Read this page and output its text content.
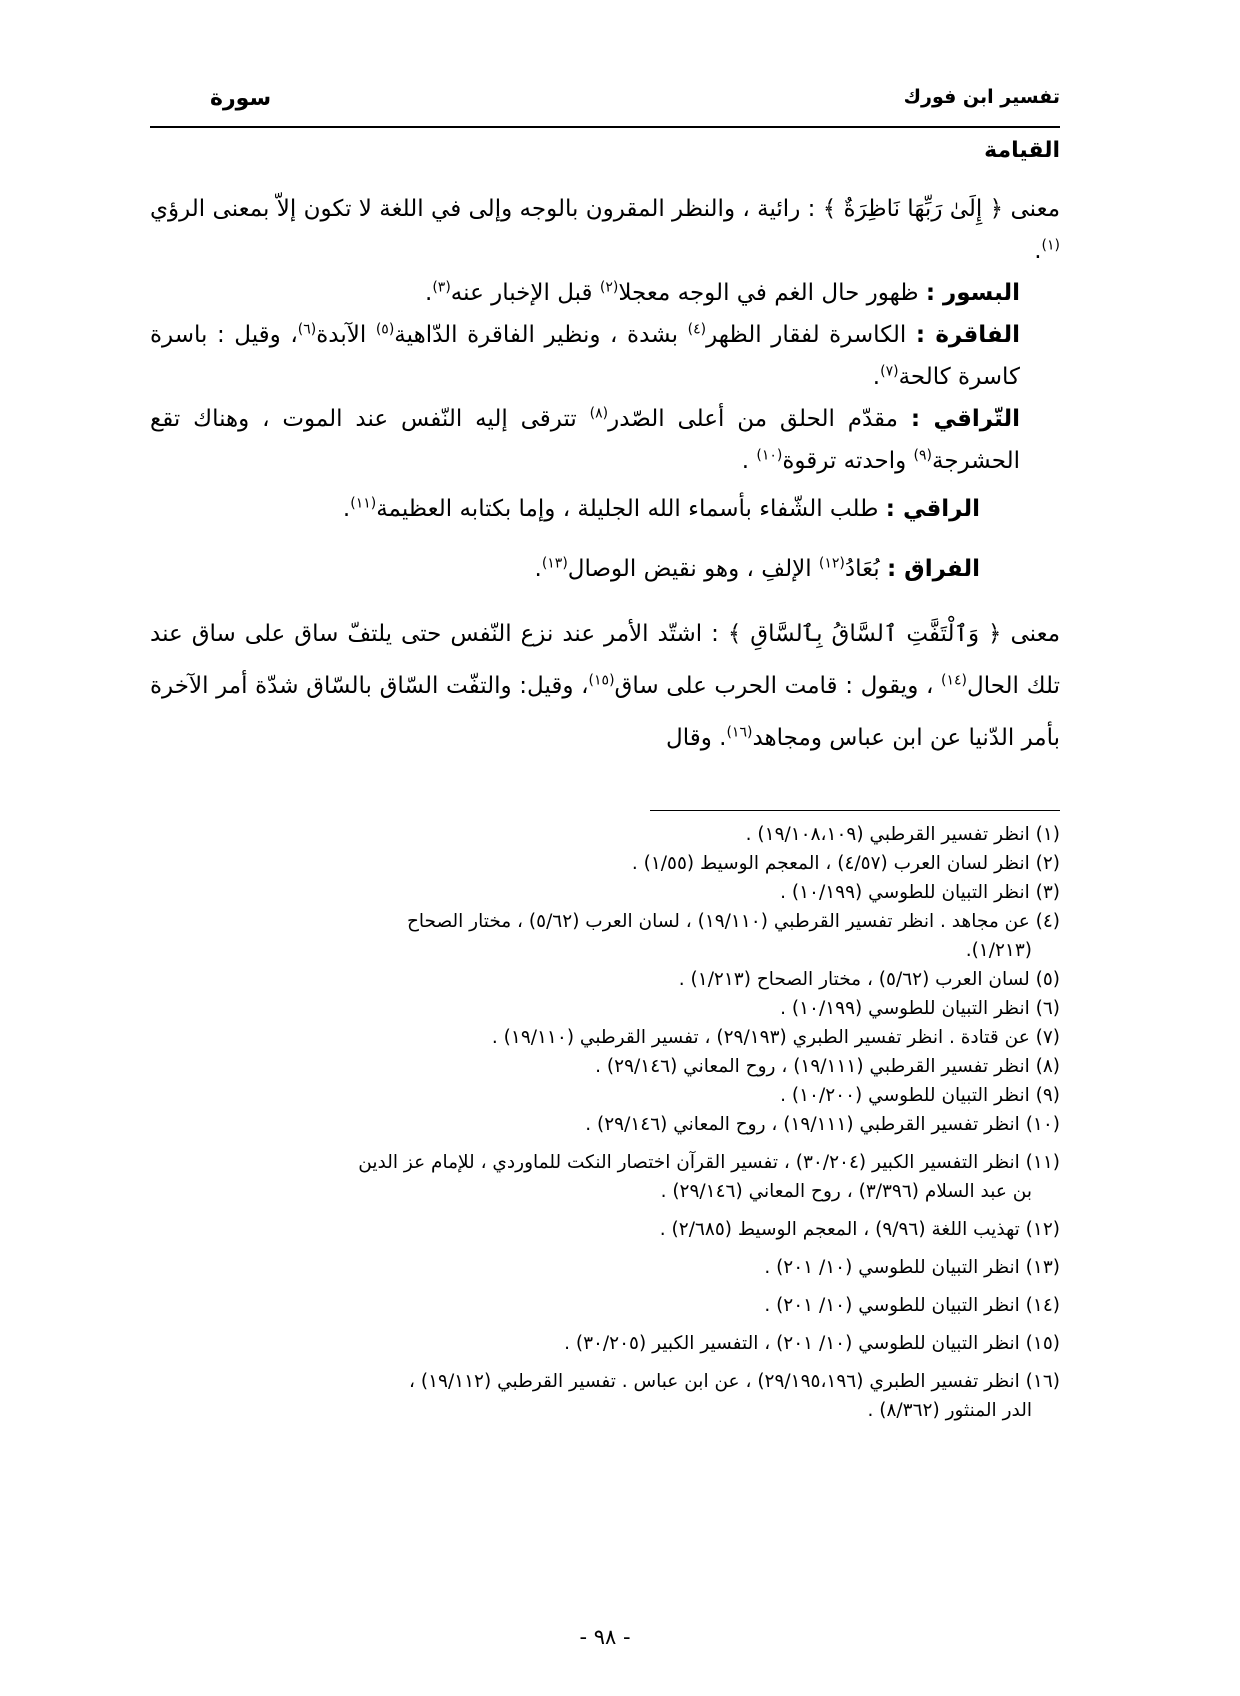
تفسير ابن فورك
سورة
القيامة

معنى ﴿ إِلَىٰ رَبِّهَا نَاظِرَةٌ ﴾ : رائية ، والنظر المقرون بالوجه وإلى في اللغة لا تكون إلاّ بمعنى الرؤي $^{(١)}$.

البسور : ظهور حال الغم في الوجه معجلا$^{(٢)}$ قبل الإخبار عنه$^{(٣)}$.

الفاقرة : الكاسرة لفقار الظهر$^{(٤)}$ بشدة ، ونظير الفاقرة الدّاهية$^{(٥)}$ الآبدة$^{(٦)}$، وقيل : باسرة كاسرة كالحة$^{(٧)}$.

التّراقي : مقدّم الحلق من أعلى الصّدر$^{(٨)}$ تترقى إليه النّفس عند الموت ، وهناك تقع الحشرجة$^{(٩)}$ واحدته ترقوة$^{(١٠)}$ .

الراقي : طلب الشّفاء بأسماء الله الجليلة ، وإما بكتابه العظيمة$^{(١١)}$.

الفراق : بُعَادُ$^{(١٢)}$ الإلفِ ، وهو نقيض الوصال$^{(١٣)}$.

معنى ﴿ وَٱلْتَفَّتِ ٱلسَّاقُ بِٱلسَّاقِ ﴾ : اشتّد الأمر عند نزع النّفس حتى يلتفّ ساق على ساق عند تلك الحال$^{(١٤)}$ ، ويقول : قامت الحرب على ساق$^{(١٥)}$، وقيل: والتفّت السّاق بالسّاق شدّة أمر الآخرة بأمر الدّنيا عن ابن عباس ومجاهد$^{(١٦)}$. وقال

(١) انظر تفسير القرطبي (١٩/١٠٨،١٠٩) .

(٢) انظر لسان العرب (٤/٥٧) ، المعجم الوسيط (١/٥٥) .

(٣) انظر التبيان للطوسي (١٠/١٩٩) .

(٤) عن مجاهد . انظر تفسير القرطبي (١٩/١١٠) ، لسان العرب (٥/٦٢) ، مختار الصحاح
(١/٢١٣).

(٥) لسان العرب (٥/٦٢) ، مختار الصحاح (١/٢١٣) .

(٦) انظر التبيان للطوسي (١٠/١٩٩) .

(٧) عن قتادة . انظر تفسير الطبري (٢٩/١٩٣) ، تفسير القرطبي (١٩/١١٠) .

(٨) انظر تفسير القرطبي (١٩/١١١) ، روح المعاني (٢٩/١٤٦) .

(٩) انظر التبيان للطوسي (١٠/٢٠٠) .

(١٠) انظر تفسير القرطبي (١٩/١١١) ، روح المعاني (٢٩/١٤٦) .

(١١) انظر التفسير الكبير (٣٠/٢٠٤) ، تفسير القرآن اختصار النكت للماوردي ، للإمام عز الدين
بن عبد السلام (٣/٣٩٦) ، روح المعاني (٢٩/١٤٦) .

(١٢) تهذيب اللغة (٩/٩٦) ، المعجم الوسيط (٢/٦٨٥) .

(١٣) انظر التبيان للطوسي (١٠/ ٢٠١) .

(١٤) انظر التبيان للطوسي (١٠/ ٢٠١) .

(١٥) انظر التبيان للطوسي (١٠/ ٢٠١) ، التفسير الكبير (٣٠/٢٠٥) .

(١٦) انظر تفسير الطبري (٢٩/١٩٥،١٩٦) ، عن ابن عباس . تفسير القرطبي (١٩/١١٢) ،
الدر المنثور (٨/٣٦٢) .

- ٩٨ -
